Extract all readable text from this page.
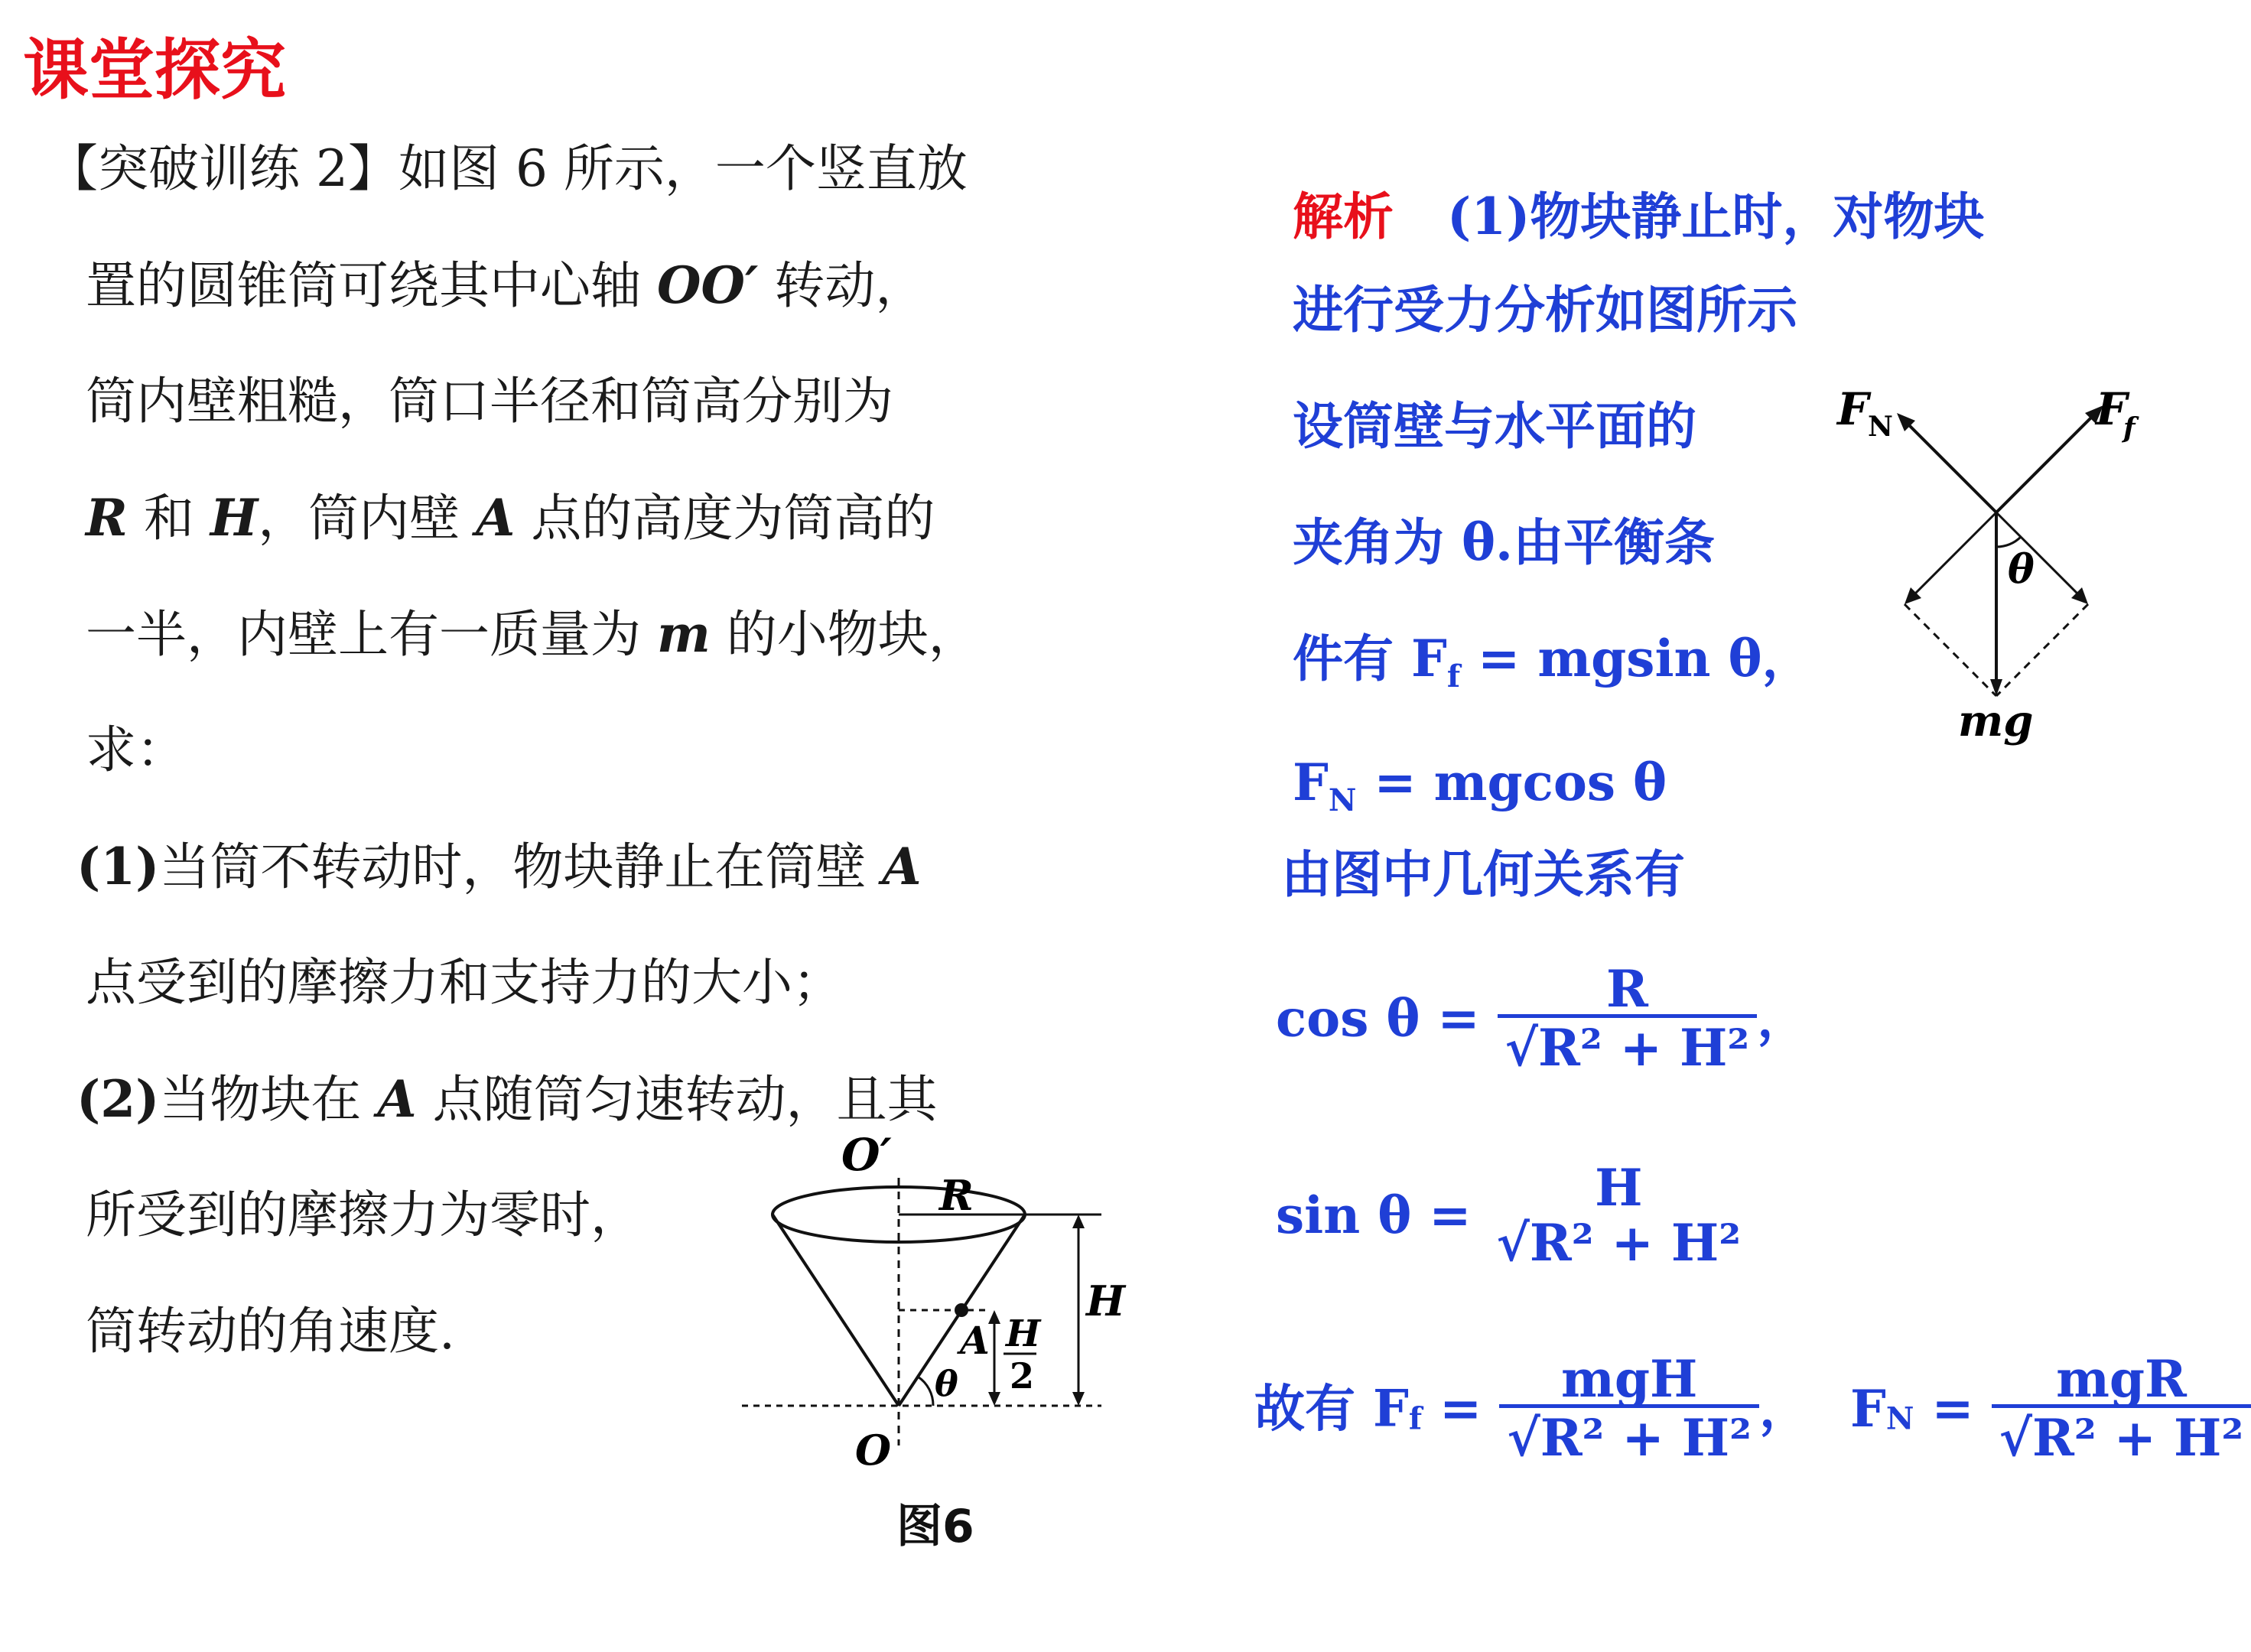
课堂探究
【突破训练 2】如图 6 所示，一个竖直放
置的圆锥筒可绕其中心轴 OO′ 转动，
筒内壁粗糙，筒口半径和筒高分别为
R 和 H，筒内壁 A 点的高度为筒高的
一半，内壁上有一质量为 m 的小物块，
求：
(1)当筒不转动时，物块静止在筒壁 A
点受到的摩擦力和支持力的大小；
(2)当物块在 A 点随筒匀速转动，且其
所受到的摩擦力为零时，
筒转动的角速度.
O′
R
H
A H
2
θ
O
图6
解析 (1)物块静止时，对物块
进行受力分析如图所示
设筒壁与水平面的
夹角为 θ.由平衡条
件有 $F_f = mgsin$ θ，
$F_N = mgcos$ θ
由图中几何关系有
$\cos \theta = \frac{R}{\text{√R² + H²}}$ ，
sin θ =	H
√R² + H²
故有 $F_f = \frac{\text{mgH}}{\text{√R² + H²}}$ ， $F_N = \frac{\text{mgR}}{\text{√R² + H²}}$
F
N	F
f
θ
mg
